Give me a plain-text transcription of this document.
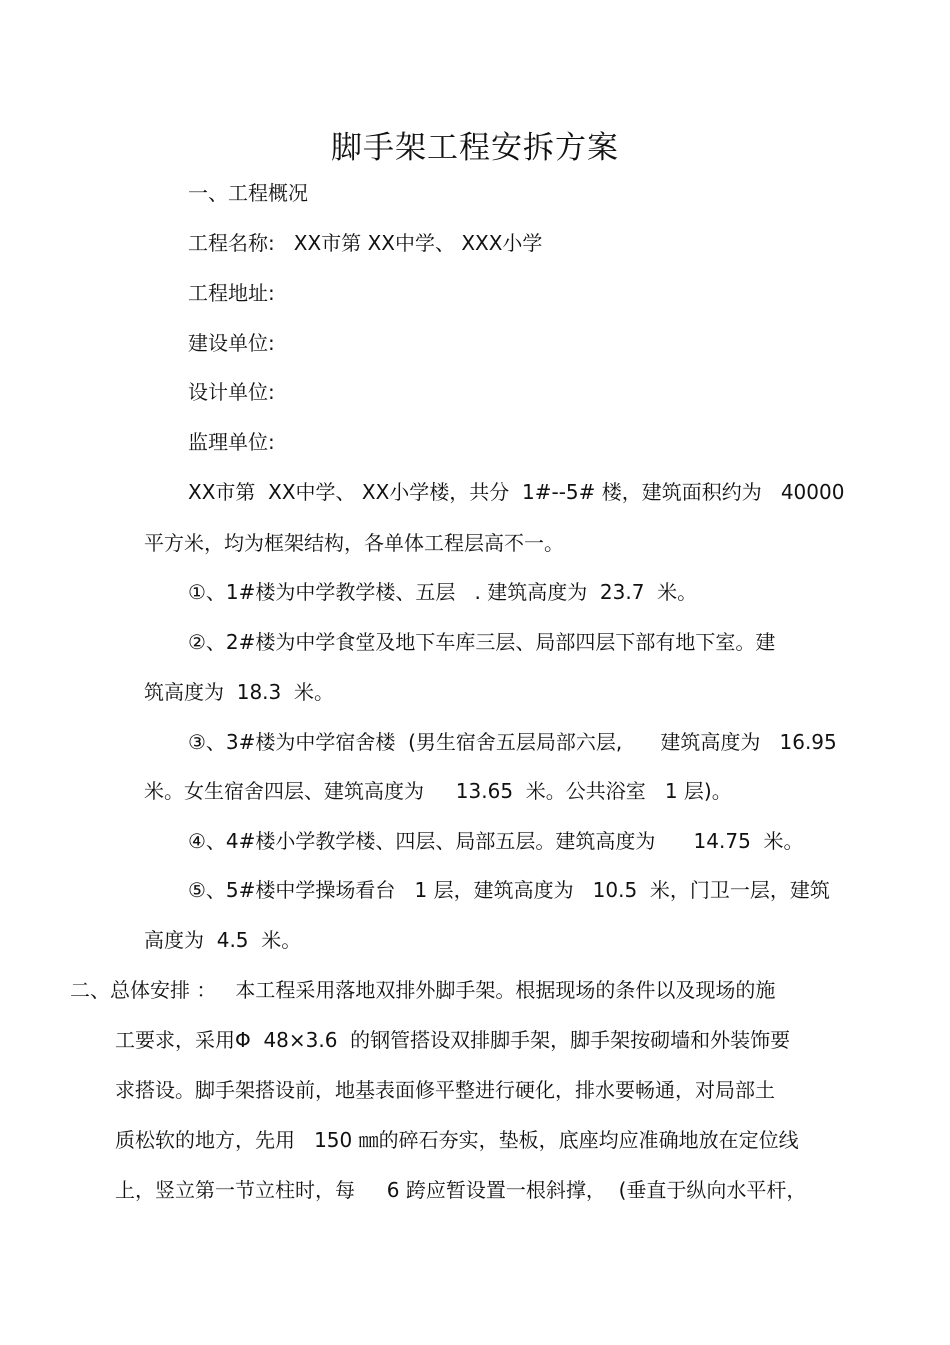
脚手架工程安拆方案
一、工程概况
工程名称:   XX市第 XX中学、 XXX小学
工程地址:
建设单位:
设计单位:
监理单位:
XX市第  XX中学、 XX小学楼，共分  1#--5# 楼，建筑面积约为   40000
平方米，均为框架结构，各单体工程层高不一。
①、1#楼为中学教学楼、五层   . 建筑高度为  23.7  米。
②、2#楼为中学食堂及地下车库三层、局部四层下部有地下室。建
筑高度为  18.3  米。
③、3#楼为中学宿舍楼  (男生宿舍五层局部六层,      建筑高度为   16.95
米。女生宿舍四层、建筑高度为     13.65  米。公共浴室   1 层)。
④、4#楼小学教学楼、四层、局部五层。建筑高度为      14.75  米。
⑤、5#楼中学操场看台   1 层，建筑高度为   10.5  米，门卫一层，建筑
高度为  4.5  米。
二、总体安排 ：   本工程采用落地双排外脚手架。根据现场的条件以及现场的施
工要求，采用Φ  48×3.6  的钢管搭设双排脚手架，脚手架按砌墙和外装饰要
求搭设。脚手架搭设前，地基表面修平整进行硬化，排水要畅通，对局部土
质松软的地方，先用   150 ㎜的碎石夯实，垫板，底座均应准确地放在定位线
上，竖立第一节立柱时，每     6 跨应暂设置一根斜撑，  (垂直于纵向水平杆，
